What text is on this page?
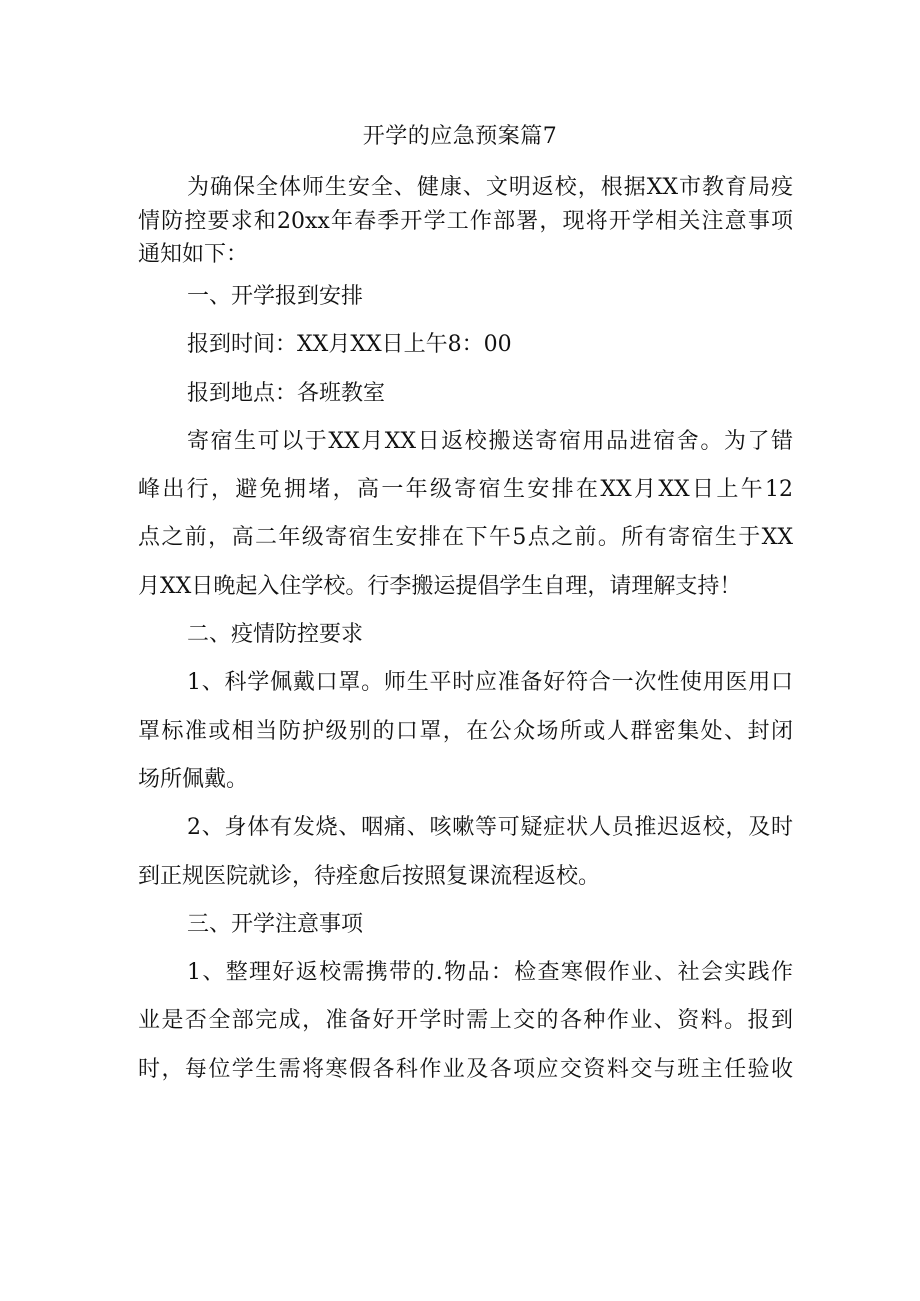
开学的应急预案篇7
为确保全体师生安全、健康、文明返校，根据XX市教育局疫
情防控要求和20xx年春季开学工作部署，现将开学相关注意事项
通知如下：
一、开学报到安排
报到时间：XX月XX日上午8：00
报到地点：各班教室
寄宿生可以于XX月XX日返校搬送寄宿用品进宿舍。为了错
峰出行，避免拥堵，高一年级寄宿生安排在XX月XX日上午12
点之前，高二年级寄宿生安排在下午5点之前。所有寄宿生于XX
月XX日晚起入住学校。行李搬运提倡学生自理，请理解支持！
二、疫情防控要求
1、科学佩戴口罩。师生平时应准备好符合一次性使用医用口
罩标准或相当防护级别的口罩，在公众场所或人群密集处、封闭
场所佩戴。
2、身体有发烧、咽痛、咳嗽等可疑症状人员推迟返校，及时
到正规医院就诊，待痊愈后按照复课流程返校。
三、开学注意事项
1、整理好返校需携带的.物品：检查寒假作业、社会实践作
业是否全部完成，准备好开学时需上交的各种作业、资料。报到
时，每位学生需将寒假各科作业及各项应交资料交与班主任验收
